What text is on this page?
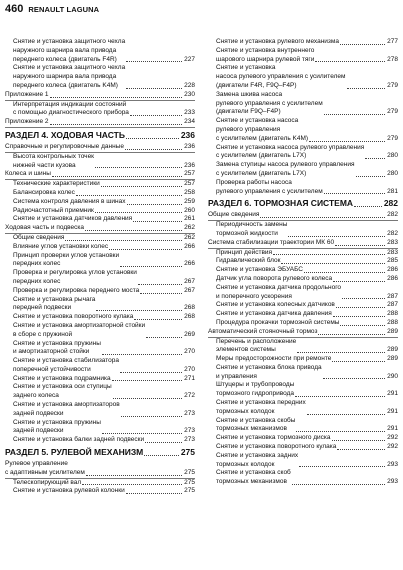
460 RENAULT LAGUNA
Снятие и установка защитного чехла
наружного шарнира вала привода
переднего колеса (двигатель F4R)	227
Снятие и установка защитного чехла
наружного шарнира вала привода
переднего колеса (двигатель K4M)	228
Приложение 1	230
Интерпретация индикации состояний
с помощью диагностического прибора	233
Приложение 2	234
РАЗДЕЛ 4. ХОДОВАЯ ЧАСТЬ	236
Справочные и регулировочные данные	236
Высота контрольных точек
нижней части кузова	236
Колеса и шины	257
Технические характеристики	257
Балансировка колес	258
Система контроля давления в шинах	259
Радиочастотный приемник	260
Снятие и установка датчиков давления	261
Ходовая часть и подвеска	262
Общие сведения	262
Влияние углов установки колес	266
Принцип проверки углов установки
передних колес	266
Проверка и регулировка углов установки
передних колес	267
Проверка и регулировка переднего моста	267
Снятие и установка рычага
передней подвески	268
Снятие и установка поворотного кулака	268
Снятие и установка амортизаторной стойки
в сборе с пружиной	269
Снятие и установка пружины
и амортизаторной стойки	270
Снятие и установка стабилизатора
поперечной устойчивости	270
Снятие и установка подрамника	271
Снятие и установка оси ступицы
заднего колеса	272
Снятие и установка амортизаторов
задней подвески	273
Снятие и установка пружины
задней подвески	273
Снятие и установка балки задней подвески	273
РАЗДЕЛ 5. РУЛЕВОЙ МЕХАНИЗМ	275
Рулевое управление
с адаптивным усилителем	275
Телескопирующий вал	275
Снятие и установка рулевой колонки	275
Снятие и установка рулевого механизма	277
Снятие и установка внутреннего
шарового шарнира рулевой тяги	278
Снятие и установка
насоса рулевого управления с усилителем
(двигатели F4R, F9Q–F4P)	279
Замена шкива насоса
рулевого управления с усилителем
(двигатели F9Q–F4P)	279
Снятие и установка насоса
рулевого управления
с усилителем (двигатель K4M)	279
Снятие и установка насоса рулевого управления
с усилителем (двигатель L7X)	280
Замена ступицы насоса рулевого управления
с усилителем (двигатель L7X)	280
Проверка работы насоса
рулевого управления с усилителем	281
РАЗДЕЛ 6. ТОРМОЗНАЯ СИСТЕМА	282
Общие сведения	282
Периодичность замены
тормозной жидкости	282
Система стабилизации траектории МК 60	283
Принцип действия	283
Гидравлический блок	285
Снятие и установка ЭБУАБС	286
Датчик угла поворота рулевого колеса	286
Снятие и установка датчика продольного
и поперечного ускорения	287
Снятие и установка колесных датчиков	287
Снятие и установка датчика давления	288
Процедура прокачки тормозной системы	288
Автоматический стояночный тормоз	289
Перечень и расположение
элементов системы	289
Меры предосторожности при ремонте	289
Снятие и установка блока привода
и управления	290
Штуцеры и трубопроводы
тормозного гидропривода	291
Снятие и установка передних
тормозных колодок	291
Снятие и установка скобы
тормозных механизмов	291
Снятие и установка тормозного диска	292
Снятие и установка поворотного кулака	292
Снятие и установка задних
тормозных колодок	293
Снятие и установка скоб
тормозных механизмов	293
